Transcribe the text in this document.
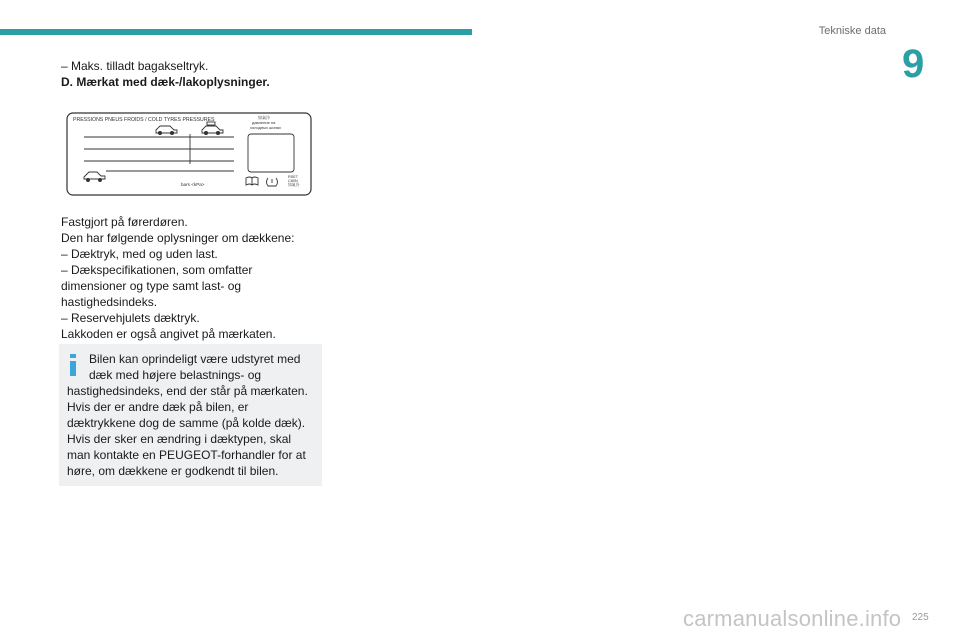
Tekniske data
9

– Maks. tilladt bagakseltryk.

D. Mærkat med dæk-/lakoplysninger.

PRESSIONS PNEUS FROIDS / COLD TYRES PRESSURES	如氣冷
давление на
холодных шинах
bars <kPa>
RSET
C80N
如氣冷

Fastgjort på førerdøren.

Den har følgende oplysninger om dækkene:

– Dæktryk, med og uden last.

– Dækspecifikationen, som omfatter

dimensioner og type samt last- og

hastighedsindeks.

– Reservehjulets dæktryk.

Lakkoden er også angivet på mærkaten.

Bilen kan oprindeligt være udstyret med
dæk med højere belastnings- og
hastighedsindeks, end der står på mærkaten.
Hvis der er andre dæk på bilen, er
dæktrykkene dog de samme (på kolde dæk).
Hvis der sker en ændring i dæktypen, skal
man kontakte en PEUGEOT-forhandler for at
høre, om dækkene er godkendt til bilen.
carmanualsonline.info 225
